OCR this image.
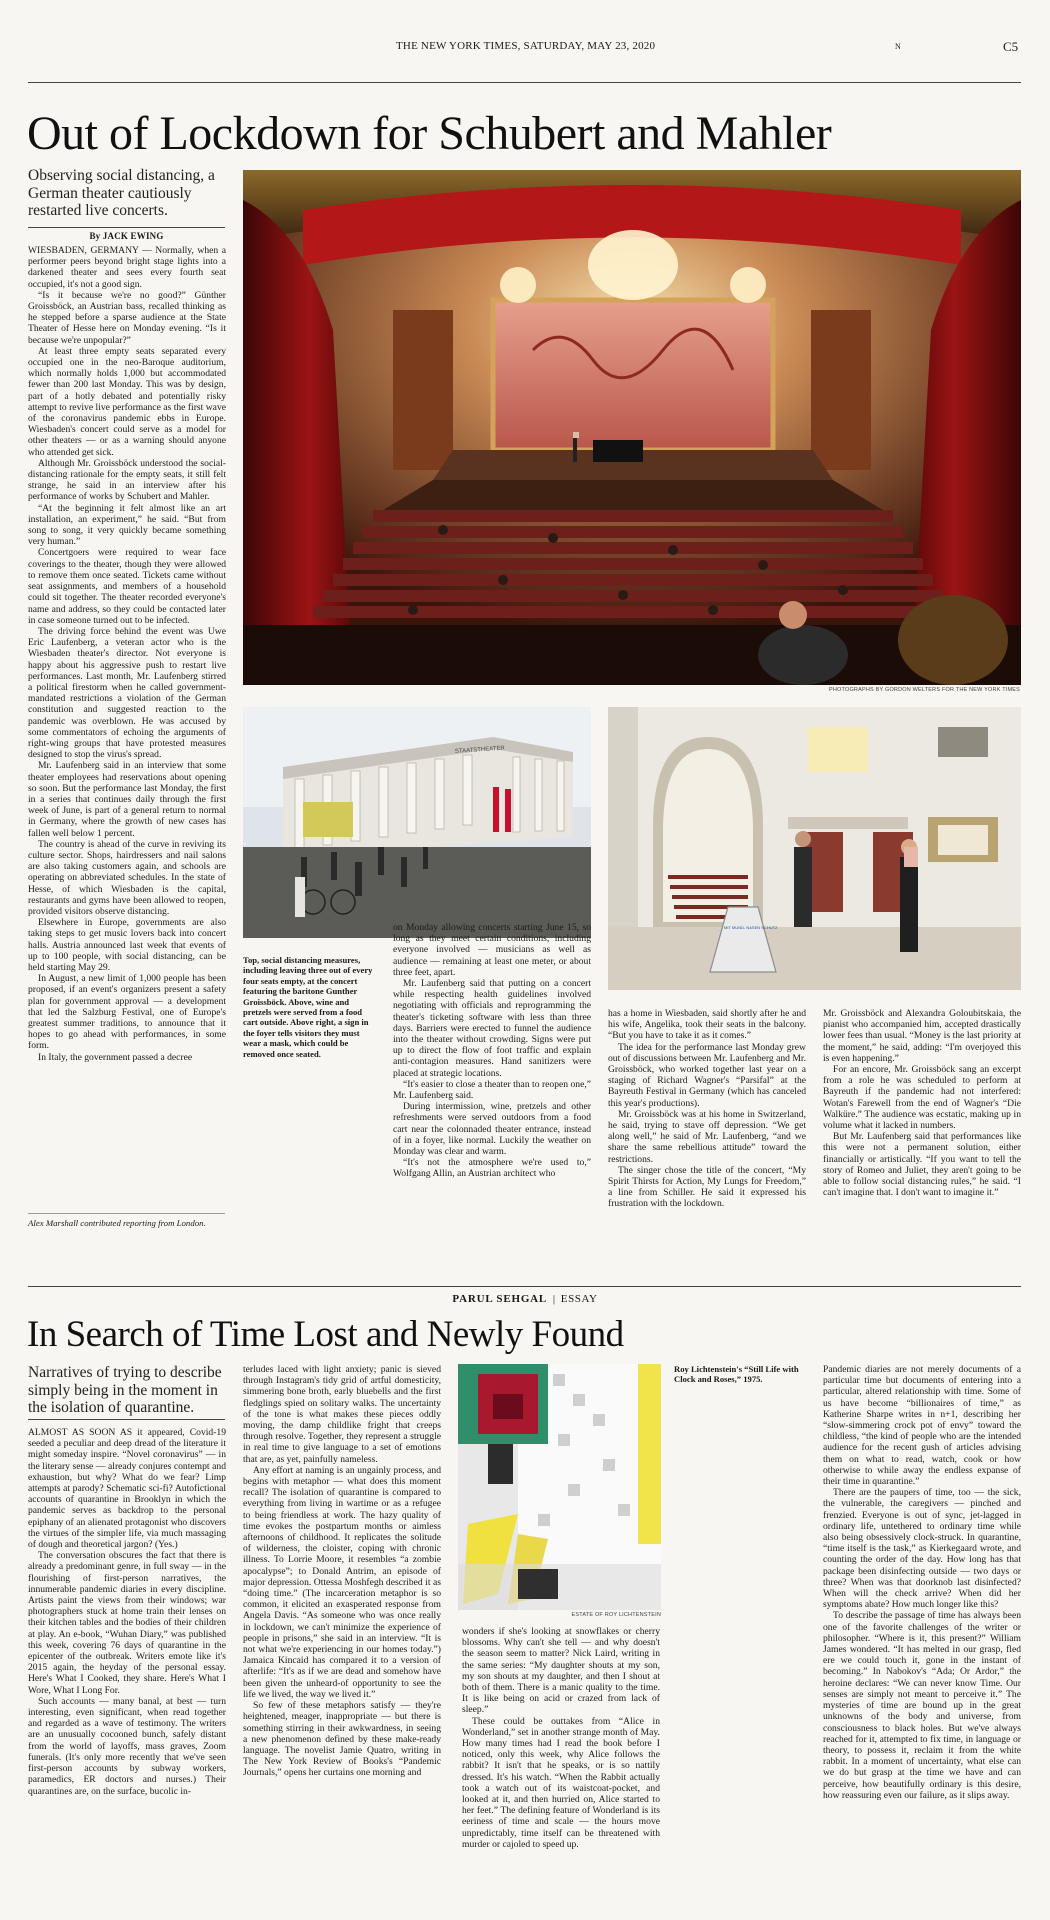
THE NEW YORK TIMES, SATURDAY, MAY 23, 2020	N	C5
Out of Lockdown for Schubert and Mahler
Observing social distancing, a German theater cautiously restarted live concerts.
By JACK EWING
PHOTOGRAPHS BY GORDON WELTERS FOR THE NEW YORK TIMES
STAATSTHEATER
MIT MUND- NASEN SCHUTZ
Top, social distancing measures, including leaving three out of every four seats empty, at the concert featuring the baritone Gunther Groissböck. Above, wine and pretzels were served from a food cart outside. Above right, a sign in the foyer tells visitors they must wear a mask, which could be removed once seated.

WIESBADEN, GERMANY — Normally, when a performer peers beyond bright stage lights into a darkened theater and sees every fourth seat occupied, it's not a good sign.

“Is it because we're no good?” Günther Groissböck, an Austrian bass, recalled thinking as he stepped before a sparse audience at the State Theater of Hesse here on Monday evening. “Is it because we're unpopular?”

At least three empty seats separated every occupied one in the neo-Baroque auditorium, which normally holds 1,000 but accommodated fewer than 200 last Monday. This was by design, part of a hotly debated and potentially risky attempt to revive live performance as the first wave of the coronavirus pandemic ebbs in Europe. Wiesbaden's concert could serve as a model for other theaters — or as a warning should anyone who attended get sick.

Although Mr. Groissböck understood the social-distancing rationale for the empty seats, it still felt strange, he said in an interview after his performance of works by Schubert and Mahler.

“At the beginning it felt almost like an art installation, an experiment,” he said. “But from song to song, it very quickly became something very human.”

Concertgoers were required to wear face coverings to the theater, though they were allowed to remove them once seated. Tickets came without seat assignments, and members of a household could sit together. The theater recorded everyone's name and address, so they could be contacted later in case someone turned out to be infected.

The driving force behind the event was Uwe Eric Laufenberg, a veteran actor who is the Wiesbaden theater's director. Not everyone is happy about his aggressive push to restart live performances. Last month, Mr. Laufenberg stirred a political firestorm when he called government-mandated restrictions a violation of the German constitution and suggested reaction to the pandemic was overblown. He was accused by some commentators of echoing the arguments of right-wing groups that have protested measures designed to stop the virus's spread.

Mr. Laufenberg said in an interview that some theater employees had reservations about opening so soon. But the performance last Monday, the first in a series that continues daily through the first week of June, is part of a general return to normal in Germany, where the growth of new cases has fallen well below 1 percent.

The country is ahead of the curve in reviving its culture sector. Shops, hairdressers and nail salons are also taking customers again, and schools are operating on abbreviated schedules. In the state of Hesse, of which Wiesbaden is the capital, restaurants and gyms have been allowed to reopen, provided visitors observe distancing.

Elsewhere in Europe, governments are also taking steps to get music lovers back into concert halls. Austria announced last week that events of up to 100 people, with social distancing, can be held starting May 29.

In August, a new limit of 1,000 people has been proposed, if an event's organizers present a safety plan for government approval — a development that led the Salzburg Festival, one of Europe's greatest summer traditions, to announce that it hopes to go ahead with performances, in some form.

In Italy, the government passed a decree

Alex Marshall contributed reporting from London.

on Monday allowing concerts starting June 15, so long as they meet certain conditions, including everyone involved — musicians as well as audience — remaining at least one meter, or about three feet, apart.

Mr. Laufenberg said that putting on a concert while respecting health guidelines involved negotiating with officials and reprogramming the theater's ticketing software with less than three days. Barriers were erected to funnel the audience into the theater without crowding. Signs were put up to direct the flow of foot traffic and explain anti-contagion measures. Hand sanitizers were placed at strategic locations.

“It's easier to close a theater than to reopen one,” Mr. Laufenberg said.

During intermission, wine, pretzels and other refreshments were served outdoors from a food cart near the colonnaded theater entrance, instead of in a foyer, like normal. Luckily the weather on Monday was clear and warm.

“It's not the atmosphere we're used to,” Wolfgang Allin, an Austrian architect who

has a home in Wiesbaden, said shortly after he and his wife, Angelika, took their seats in the balcony. “But you have to take it as it comes.”

The idea for the performance last Monday grew out of discussions between Mr. Laufenberg and Mr. Groissböck, who worked together last year on a staging of Richard Wagner's “Parsifal” at the Bayreuth Festival in Germany (which has canceled this year's productions).

Mr. Groissböck was at his home in Switzerland, he said, trying to stave off depression. “We get along well,” he said of Mr. Laufenberg, “and we share the same rebellious attitude” toward the restrictions.

The singer chose the title of the concert, “My Spirit Thirsts for Action, My Lungs for Freedom,” a line from Schiller. He said it expressed his frustration with the lockdown.

Mr. Groissböck and Alexandra Goloubitskaia, the pianist who accompanied him, accepted drastically lower fees than usual. “Money is the last priority at the moment,” he said, adding: “I'm overjoyed this is even happening.”

For an encore, Mr. Groissböck sang an excerpt from a role he was scheduled to perform at Bayreuth if the pandemic had not interfered: Wotan's Farewell from the end of Wagner's “Die Walküre.” The audience was ecstatic, making up in volume what it lacked in numbers.

But Mr. Laufenberg said that performances like this were not a permanent solution, either financially or artistically. “If you want to tell the story of Romeo and Juliet, they aren't going to be able to follow social distancing rules,” he said. “I can't imagine that. I don't want to imagine it.”

PARUL SEHGAL | ESSAY
In Search of Time Lost and Newly Found
Narratives of trying to describe simply being in the moment in the isolation of quarantine.
ESTATE OF ROY LICHTENSTEIN
Roy Lichtenstein's “Still Life with Clock and Roses,” 1975.

ALMOST AS SOON AS it appeared, Covid-19 seeded a peculiar and deep dread of the literature it might someday inspire. “Novel coronavirus” — in the literary sense — already conjures contempt and exhaustion, but why? What do we fear? Limp attempts at parody? Schematic sci-fi? Autofictional accounts of quarantine in Brooklyn in which the pandemic serves as backdrop to the personal epiphany of an alienated protagonist who discovers the virtues of the simpler life, via much massaging of dough and theoretical jargon? (Yes.)

The conversation obscures the fact that there is already a predominant genre, in full sway — in the flourishing of first-person narratives, the innumerable pandemic diaries in every discipline. Artists paint the views from their windows; war photographers stuck at home train their lenses on their kitchen tables and the bodies of their children at play. An e-book, “Wuhan Diary,” was published this week, covering 76 days of quarantine in the epicenter of the outbreak. Writers emote like it's 2015 again, the heyday of the personal essay. Here's What I Cooked, they share. Here's What I Wore, What I Long For.

Such accounts — many banal, at best — turn interesting, even significant, when read together and regarded as a wave of testimony. The writers are an unusually cocooned bunch, safely distant from the world of layoffs, mass graves, Zoom funerals. (It's only more recently that we've seen first-person accounts by subway workers, paramedics, ER doctors and nurses.) Their quarantines are, on the surface, bucolic in-

terludes laced with light anxiety; panic is sieved through Instagram's tidy grid of artful domesticity, simmering bone broth, early bluebells and the first fledglings spied on solitary walks. The uncertainty of the tone is what makes these pieces oddly moving, the damp childlike fright that creeps through resolve. Together, they represent a struggle in real time to give language to a set of emotions that are, as yet, painfully nameless.

Any effort at naming is an ungainly process, and begins with metaphor — what does this moment recall? The isolation of quarantine is compared to everything from living in wartime or as a refugee to being friendless at work. The hazy quality of time evokes the postpartum months or aimless afternoons of childhood. It replicates the solitude of wilderness, the cloister, coping with chronic illness. To Lorrie Moore, it resembles “a zombie apocalypse”; to Donald Antrim, an episode of major depression. Ottessa Moshfegh described it as “doing time.” (The incarceration metaphor is so common, it elicited an exasperated response from Angela Davis. “As someone who was once really in lockdown, we can't minimize the experience of people in prisons,” she said in an interview. “It is not what we're experiencing in our homes today.”) Jamaica Kincaid has compared it to a version of afterlife: “It's as if we are dead and somehow have been given the unheard-of opportunity to see the life we lived, the way we lived it.”

So few of these metaphors satisfy — they're heightened, meager, inappropriate — but there is something stirring in their awkwardness, in seeing a new phenomenon defined by these make-ready language. The novelist Jamie Quatro, writing in The New York Review of Books's “Pandemic Journals,” opens her curtains one morning and

wonders if she's looking at snowflakes or cherry blossoms. Why can't she tell — and why doesn't the season seem to matter? Nick Laird, writing in the same series: “My daughter shouts at my son, my son shouts at my daughter, and then I shout at both of them. There is a manic quality to the time. It is like being on acid or crazed from lack of sleep.”

These could be outtakes from “Alice in Wonderland,” set in another strange month of May. How many times had I read the book before I noticed, only this week, why Alice follows the rabbit? It isn't that he speaks, or is so nattily dressed. It's his watch. “When the Rabbit actually took a watch out of its waistcoat-pocket, and looked at it, and then hurried on, Alice started to her feet.” The defining feature of Wonderland is its eeriness of time and scale — the hours move unpredictably, time itself can be threatened with murder or cajoled to speed up.

Pandemic diaries are not merely documents of a particular time but documents of entering into a particular, altered relationship with time. Some of us have become “billionaires of time,” as Katherine Sharpe writes in n+1, describing her “slow-simmering crock pot of envy” toward the childless, “the kind of people who are the intended audience for the recent gush of articles advising them on what to read, watch, cook or how otherwise to while away the endless expanse of their time in quarantine.”

There are the paupers of time, too — the sick, the vulnerable, the caregivers — pinched and frenzied. Everyone is out of sync, jet-lagged in ordinary life, untethered to ordinary time while also being obsessively clock-struck. In quarantine, “time itself is the task,” as Kierkegaard wrote, and counting the order of the day. How long has that package been disinfecting outside — two days or three? When was that doorknob last disinfected? When will the check arrive? When did her symptoms abate? How much longer like this?

To describe the passage of time has always been one of the favorite challenges of the writer or philosopher. “Where is it, this present?” William James wondered. “It has melted in our grasp, fled ere we could touch it, gone in the instant of becoming.” In Nabokov's “Ada; Or Ardor,” the heroine declares: “We can never know Time. Our senses are simply not meant to perceive it.” The mysteries of time are bound up in the great unknowns of the body and universe, from consciousness to black holes. But we've always reached for it, attempted to fix time, in language or theory, to possess it, reclaim it from the white rabbit. In a moment of uncertainty, what else can we do but grasp at the time we have and can perceive, how beautifully ordinary is this desire, how reassuring even our failure, as it slips away.
